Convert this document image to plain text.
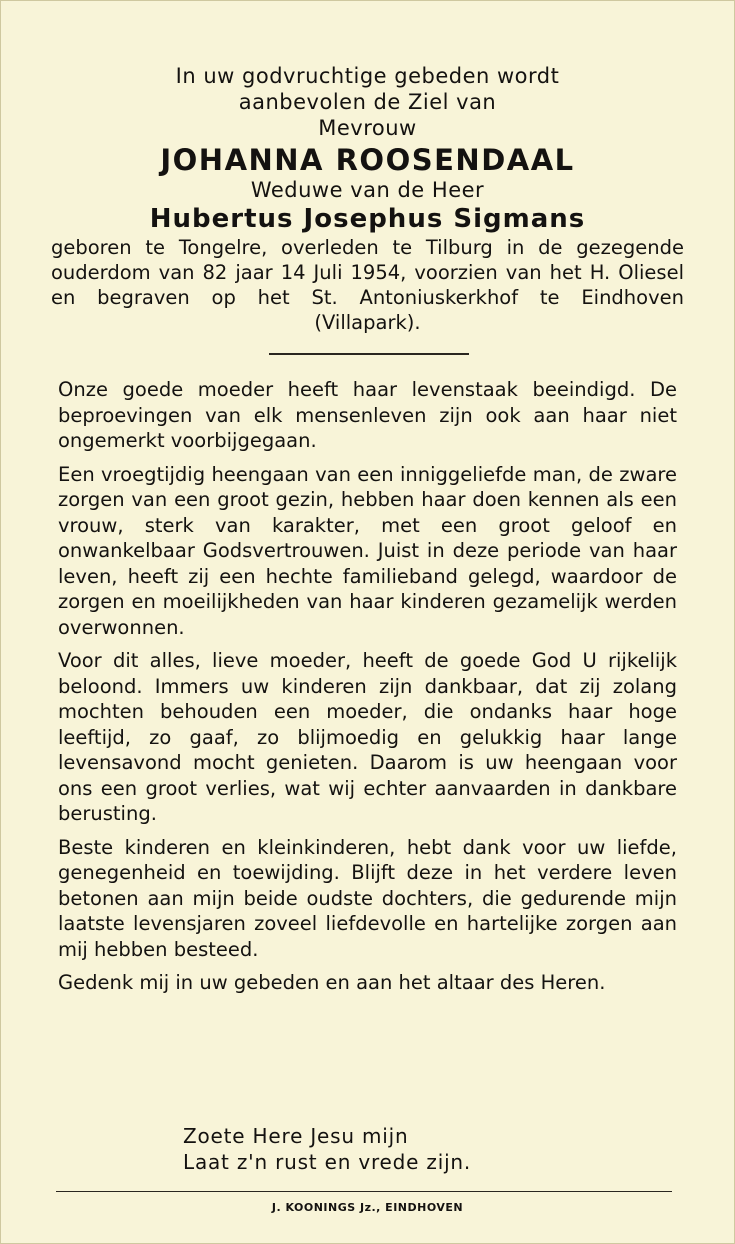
In uw godvruchtige gebeden wordt
aanbevolen de Ziel van
Mevrouw
JOHANNA ROOSENDAAL
Weduwe van de Heer
Hubertus Josephus Sigmans
geboren te Tongelre, overleden te Tilburg in de gezegende ouderdom van 82 jaar 14 Juli 1954, voorzien van het H. Oliesel en begraven op het St. Antoniuskerkhof te Eindhoven (Villapark).

Onze goede moeder heeft haar levenstaak beeindigd. De beproevingen van elk mensenleven zijn ook aan haar niet ongemerkt voorbijgegaan.

Een vroegtijdig heengaan van een inniggeliefde man, de zware zorgen van een groot gezin, hebben haar doen kennen als een vrouw, sterk van karakter, met een groot geloof en onwankelbaar Godsvertrouwen. Juist in deze periode van haar leven, heeft zij een hechte familieband gelegd, waardoor de zorgen en moeilijkheden van haar kinderen gezamelijk werden overwonnen.

Voor dit alles, lieve moeder, heeft de goede God U rijkelijk beloond. Immers uw kinderen zijn dankbaar, dat zij zolang mochten behouden een moeder, die ondanks haar hoge leeftijd, zo gaaf, zo blijmoedig en gelukkig haar lange levensavond mocht genieten. Daarom is uw heengaan voor ons een groot verlies, wat wij echter aanvaarden in dankbare berusting.

Beste kinderen en kleinkinderen, hebt dank voor uw liefde, genegenheid en toewijding. Blijft deze in het verdere leven betonen aan mijn beide oudste dochters, die gedurende mijn laatste levensjaren zoveel liefdevolle en hartelijke zorgen aan mij hebben besteed.

Gedenk mij in uw gebeden en aan het altaar des Heren.

Zoete Here Jesu mijn
Laat z'n rust en vrede zijn.
J. KOONINGS Jz., EINDHOVEN
